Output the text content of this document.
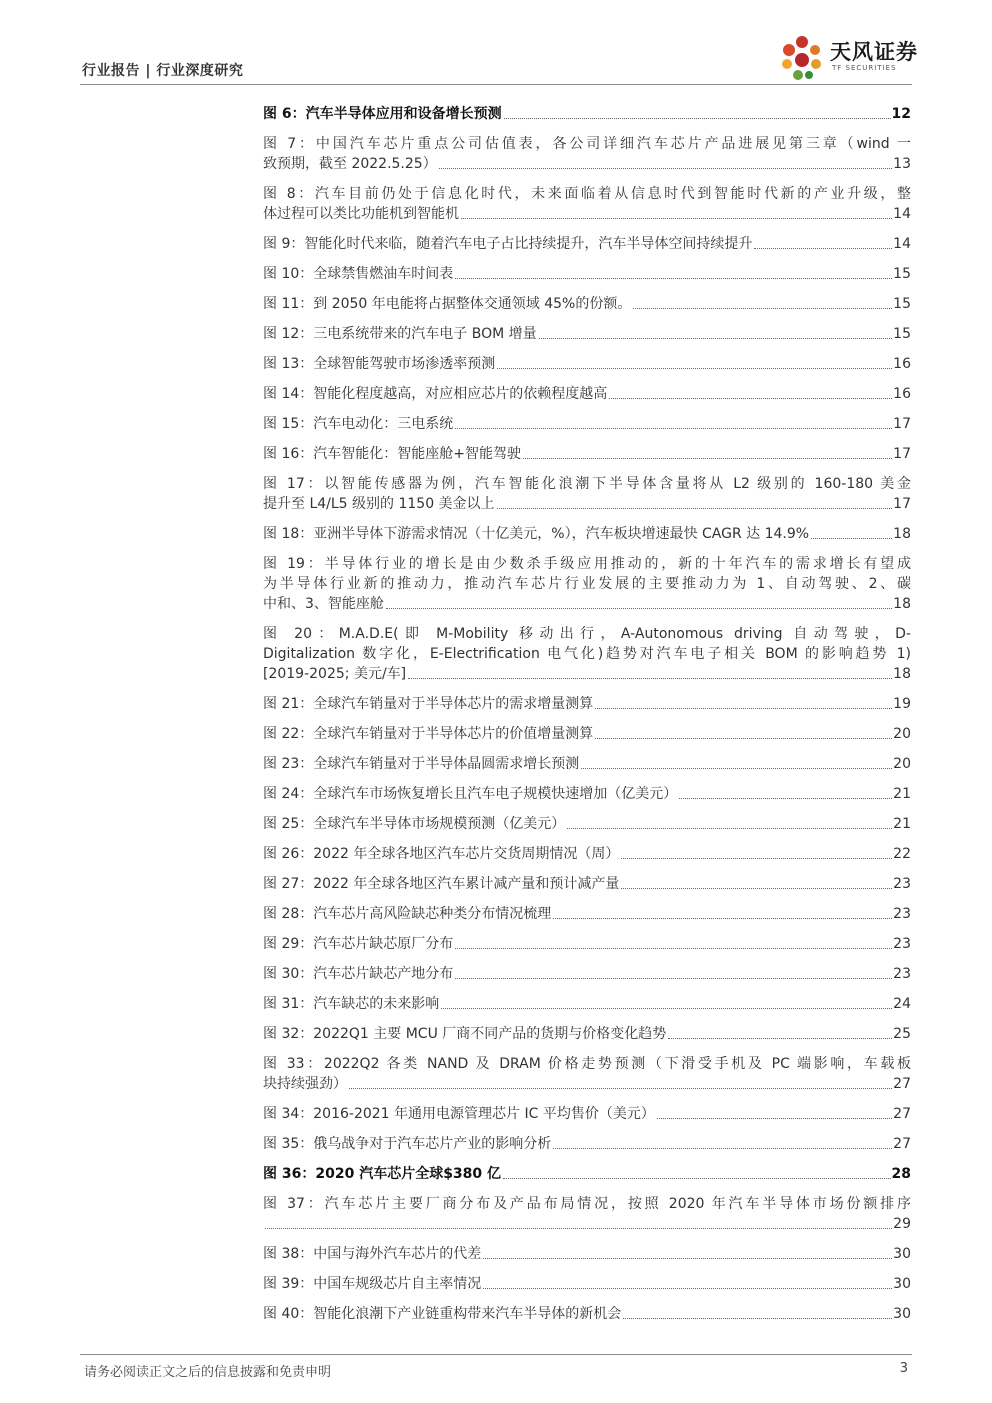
行业报告 | 行业深度研究
天风证券
TF SECURITIES
图 6：汽车半导体应用和设备增长预测	12
图 7：中国汽车芯片重点公司估值表，各公司详细汽车芯片产品进展见第三章（wind 一
致预期，截至 2022.5.25）	13
图 8：汽车目前仍处于信息化时代，未来面临着从信息时代到智能时代新的产业升级，整
体过程可以类比功能机到智能机	14
图 9：智能化时代来临，随着汽车电子占比持续提升，汽车半导体空间持续提升	14
图 10：全球禁售燃油车时间表	15
图 11：到 2050 年电能将占据整体交通领域 45%的份额。	15
图 12：三电系统带来的汽车电子 BOM 增量	15
图 13：全球智能驾驶市场渗透率预测	16
图 14：智能化程度越高，对应相应芯片的依赖程度越高	16
图 15：汽车电动化：三电系统	17
图 16：汽车智能化：智能座舱+智能驾驶	17
图 17：以智能传感器为例，汽车智能化浪潮下半导体含量将从 L2 级别的 160-180 美金
提升至 L4/L5 级别的 1150 美金以上	17
图 18：亚洲半导体下游需求情况（十亿美元，%），汽车板块增速最快 CAGR 达 14.9%	18
图 19：半导体行业的增长是由少数杀手级应用推动的，新的十年汽车的需求增长有望成
为半导体行业新的推动力，推动汽车芯片行业发展的主要推动力为 1、自动驾驶、2、碳
中和、3、智能座舱	18
图 20：M.A.D.E(即 M-Mobility 移动出行，A-Autonomous driving 自动驾驶，D-
Digitalization 数字化，E-Electrification 电气化)趋势对汽车电子相关 BOM 的影响趋势 1)
[2019-2025; 美元/车]	18
图 21：全球汽车销量对于半导体芯片的需求增量测算	19
图 22：全球汽车销量对于半导体芯片的价值增量测算	20
图 23：全球汽车销量对于半导体晶圆需求增长预测	20
图 24：全球汽车市场恢复增长且汽车电子规模快速增加（亿美元）	21
图 25：全球汽车半导体市场规模预测（亿美元）	21
图 26：2022 年全球各地区汽车芯片交货周期情况（周）	22
图 27：2022 年全球各地区汽车累计减产量和预计减产量	23
图 28：汽车芯片高风险缺芯种类分布情况梳理	23
图 29：汽车芯片缺芯原厂分布	23
图 30：汽车芯片缺芯产地分布	23
图 31：汽车缺芯的未来影响	24
图 32：2022Q1 主要 MCU 厂商不同产品的货期与价格变化趋势	25
图 33：2022Q2 各类 NAND 及 DRAM 价格走势预测（下滑受手机及 PC 端影响，车载板
块持续强劲）	27
图 34：2016-2021 年通用电源管理芯片 IC 平均售价（美元）	27
图 35：俄乌战争对于汽车芯片产业的影响分析	27
图 36：2020 汽车芯片全球$380 亿	28
图 37：汽车芯片主要厂商分布及产品布局情况，按照 2020 年汽车半导体市场份额排序
29
图 38：中国与海外汽车芯片的代差	30
图 39：中国车规级芯片自主率情况	30
图 40：智能化浪潮下产业链重构带来汽车半导体的新机会	30
请务必阅读正文之后的信息披露和免责申明	3
